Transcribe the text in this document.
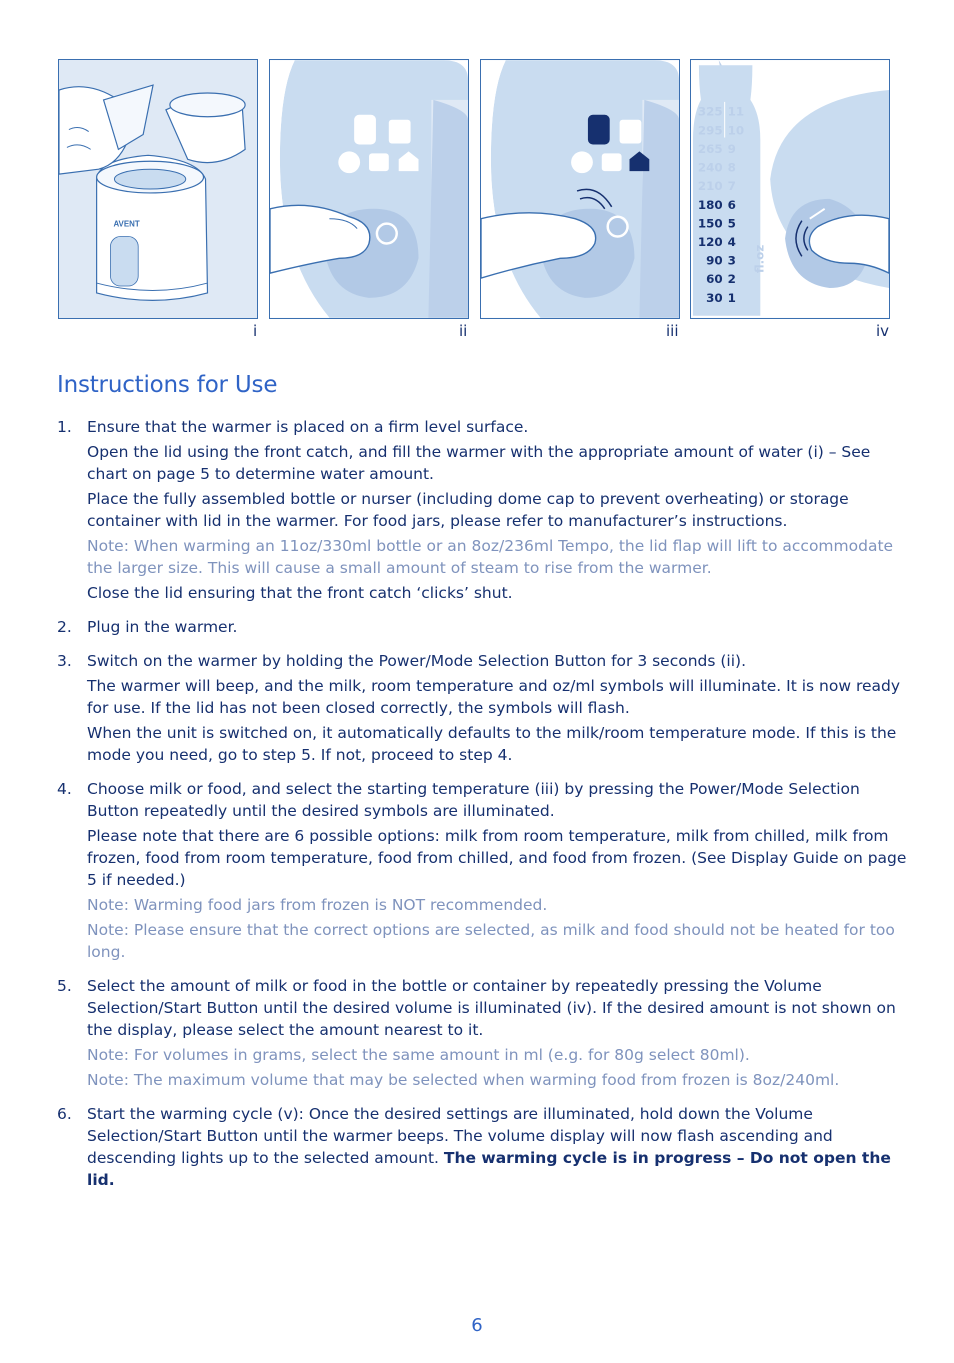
AVENT
ml
325 11
295 10
265 9
240 8
210 7
180 6
150 5
120 4
90 3
60 2
30 1
fl.oz
i	ii	iii	iv
Instructions for Use
1. Ensure that the warmer is placed on a firm level surface.

Open the lid using the front catch, and fill the warmer with the appropriate amount of water (i) – See chart on page 5 to determine water amount.

Place the fully assembled bottle or nurser (including dome cap to prevent overheating) or storage container with lid in the warmer. For food jars, please refer to manufacturer’s instructions.

Note: When warming an 11oz/330ml bottle or an 8oz/236ml Tempo, the lid flap will lift to accommodate the larger size. This will cause a small amount of steam to rise from the warmer.

Close the lid ensuring that the front catch ‘clicks’ shut.

2. Plug in the warmer.

3. Switch on the warmer by holding the Power/Mode Selection Button for 3 seconds (ii).

The warmer will beep, and the milk, room temperature and oz/ml symbols will illuminate. It is now ready for use. If the lid has not been closed correctly, the symbols will flash.

When the unit is switched on, it automatically defaults to the milk/room temperature mode. If this is the mode you need, go to step 5. If not, proceed to step 4.

4. Choose milk or food, and select the starting temperature (iii) by pressing the Power/Mode Selection Button repeatedly until the desired symbols are illuminated.

Please note that there are 6 possible options: milk from room temperature, milk from chilled, milk from frozen, food from room temperature, food from chilled, and food from frozen. (See Display Guide on page 5 if needed.)

Note: Warming food jars from frozen is NOT recommended.

Note: Please ensure that the correct options are selected, as milk and food should not be heated for too long.

5. Select the amount of milk or food in the bottle or container by repeatedly pressing the Volume Selection/Start Button until the desired volume is illuminated (iv). If the desired amount is not shown on the display, please select the amount nearest to it.

Note: For volumes in grams, select the same amount in ml (e.g. for 80g select 80ml).

Note: The maximum volume that may be selected when warming food from frozen is 8oz/240ml.

6. Start the warming cycle (v): Once the desired settings are illuminated, hold down the Volume Selection/Start Button until the warmer beeps. The volume display will now flash ascending and descending lights up to the selected amount. The warming cycle is in progress – Do not open the lid.

6
